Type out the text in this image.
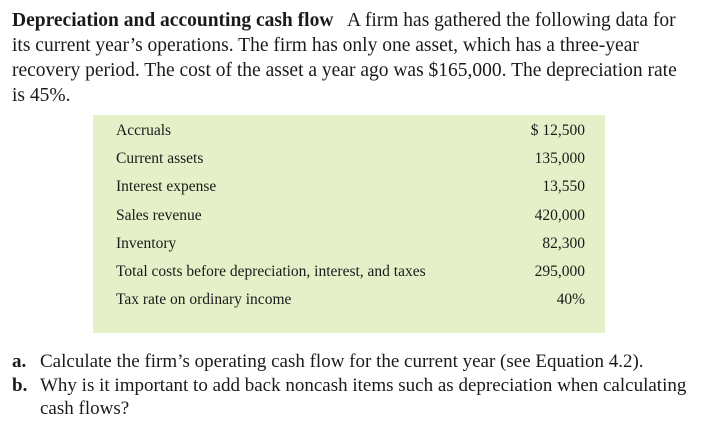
Depreciation and accounting cash flow A firm has gathered the following data for its current year’s operations. The firm has only one asset, which has a three-year recovery period. The cost of the asset a year ago was $165,000. The depreciation rate is 45%.

Accruals	$ 12,500
Current assets	135,000
Interest expense	13,550
Sales revenue	420,000
Inventory	82,300
Total costs before depreciation, interest, and taxes	295,000
Tax rate on ordinary income	40%
a. Calculate the firm’s operating cash flow for the current year (see Equation 4.2).
b. Why is it important to add back noncash items such as depreciation when calculating cash flows?
